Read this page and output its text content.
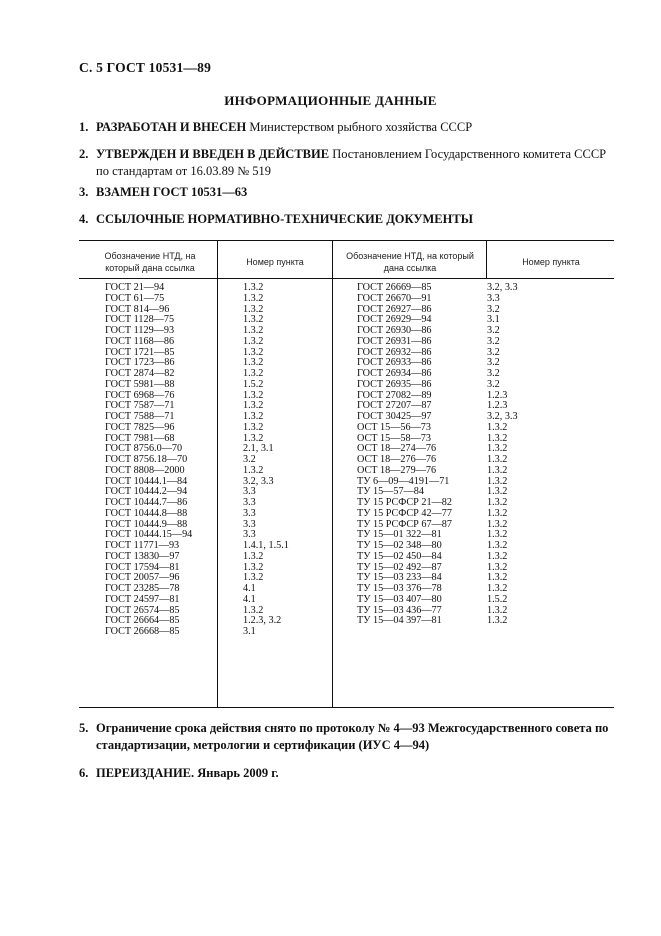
С. 5 ГОСТ 10531—89
ИНФОРМАЦИОННЫЕ ДАННЫЕ
1. РАЗРАБОТАН И ВНЕСЕН Министерством рыбного хозяйства СССР
2. УТВЕРЖДЕН И ВВЕДЕН В ДЕЙСТВИЕ Постановлением Государственного комитета СССР по стандартам от 16.03.89 № 519
3. ВЗАМЕН ГОСТ 10531—63
4. ССЫЛОЧНЫЕ НОРМАТИВНО-ТЕХНИЧЕСКИЕ ДОКУМЕНТЫ
Обозначение НТД, на который дана ссылка
Номер пункта
Обозначение НТД, на который дана ссылка
Номер пункта
ГОСТ 21—94
ГОСТ 61—75
ГОСТ 814—96
ГОСТ 1128—75
ГОСТ 1129—93
ГОСТ 1168—86
ГОСТ 1721—85
ГОСТ 1723—86
ГОСТ 2874—82
ГОСТ 5981—88
ГОСТ 6968—76
ГОСТ 7587—71
ГОСТ 7588—71
ГОСТ 7825—96
ГОСТ 7981—68
ГОСТ 8756.0—70
ГОСТ 8756.18—70
ГОСТ 8808—2000
ГОСТ 10444.1—84
ГОСТ 10444.2—94
ГОСТ 10444.7—86
ГОСТ 10444.8—88
ГОСТ 10444.9—88
ГОСТ 10444.15—94
ГОСТ 11771—93
ГОСТ 13830—97
ГОСТ 17594—81
ГОСТ 20057—96
ГОСТ 23285—78
ГОСТ 24597—81
ГОСТ 26574—85
ГОСТ 26664—85
ГОСТ 26668—85
1.3.2
1.3.2
1.3.2
1.3.2
1.3.2
1.3.2
1.3.2
1.3.2
1.3.2
1.5.2
1.3.2
1.3.2
1.3.2
1.3.2
1.3.2
2.1, 3.1
3.2
1.3.2
3.2, 3.3
3.3
3.3
3.3
3.3
3.3
1.4.1, 1.5.1
1.3.2
1.3.2
1.3.2
4.1
4.1
1.3.2
1.2.3, 3.2
3.1
ГОСТ 26669—85
ГОСТ 26670—91
ГОСТ 26927—86
ГОСТ 26929—94
ГОСТ 26930—86
ГОСТ 26931—86
ГОСТ 26932—86
ГОСТ 26933—86
ГОСТ 26934—86
ГОСТ 26935—86
ГОСТ 27082—89
ГОСТ 27207—87
ГОСТ 30425—97
ОСТ 15—56—73
ОСТ 15—58—73
ОСТ 18—274—76
ОСТ 18—276—76
ОСТ 18—279—76
ТУ 6—09—4191—71
ТУ 15—57—84
ТУ 15 РСФСР 21—82
ТУ 15 РСФСР 42—77
ТУ 15 РСФСР 67—87
ТУ 15—01 322—81
ТУ 15—02 348—80
ТУ 15—02 450—84
ТУ 15—02 492—87
ТУ 15—03 233—84
ТУ 15—03 376—78
ТУ 15—03 407—80
ТУ 15—03 436—77
ТУ 15—04 397—81
3.2, 3.3
3.3
3.2
3.1
3.2
3.2
3.2
3.2
3.2
3.2
1.2.3
1.2.3
3.2, 3.3
1.3.2
1.3.2
1.3.2
1.3.2
1.3.2
1.3.2
1.3.2
1.3.2
1.3.2
1.3.2
1.3.2
1.3.2
1.3.2
1.3.2
1.3.2
1.3.2
1.5.2
1.3.2
1.3.2
5. Ограничение срока действия снято по протоколу № 4—93 Межгосударственного совета по стандартизации, метрологии и сертификации (ИУС 4—94)
6. ПЕРЕИЗДАНИЕ. Январь 2009 г.
